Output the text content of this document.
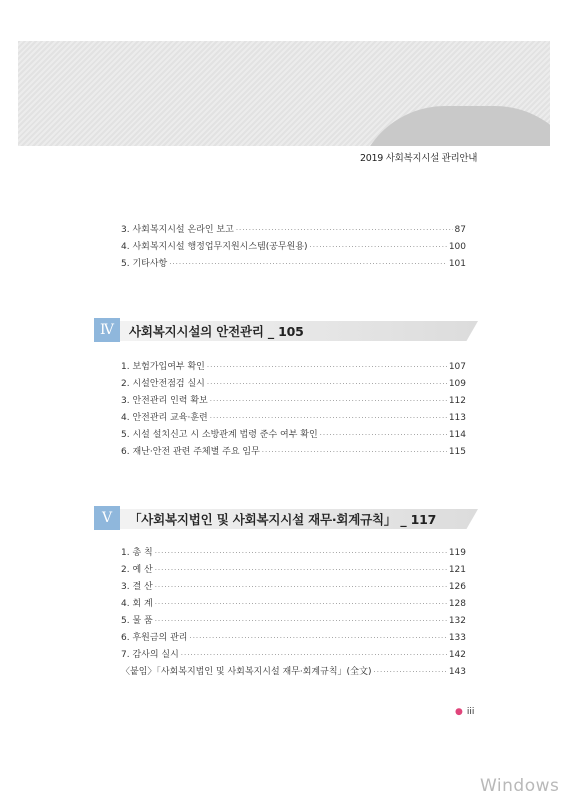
2019 사회복지시설 관리안내
3. 사회복지시설 온라인 보고 ·····	87
4. 사회복지시설 행정업무지원시스템(공무원용) ·····	100
5. 기타사항 ·····	101
Ⅳ	사회복지시설의 안전관리 _ 105
1. 보험가입여부 확인 ·····	107
2. 시설안전점검 실시 ·····	109
3. 안전관리 인력 확보 ·····	112
4. 안전관리 교육·훈련 ·····	113
5. 시설 설치신고 시 소방관계 법령 준수 여부 확인 ·····	114
6. 재난·안전 관련 주체별 주요 임무 ·····	115
Ⅴ	「사회복지법인 및 사회복지시설 재무·회계규칙」 _ 117
1. 총 칙 ·····	119
2. 예 산 ·····	121
3. 결 산 ·····	126
4. 회 계 ·····	128
5. 물 품 ·····	132
6. 후원금의 관리 ·····	133
7. 감사의 실시 ·····	142
〈붙임〉「사회복지법인 및 사회복지시설 재무·회계규칙」(全文) ·····	143
● iii
Windows
